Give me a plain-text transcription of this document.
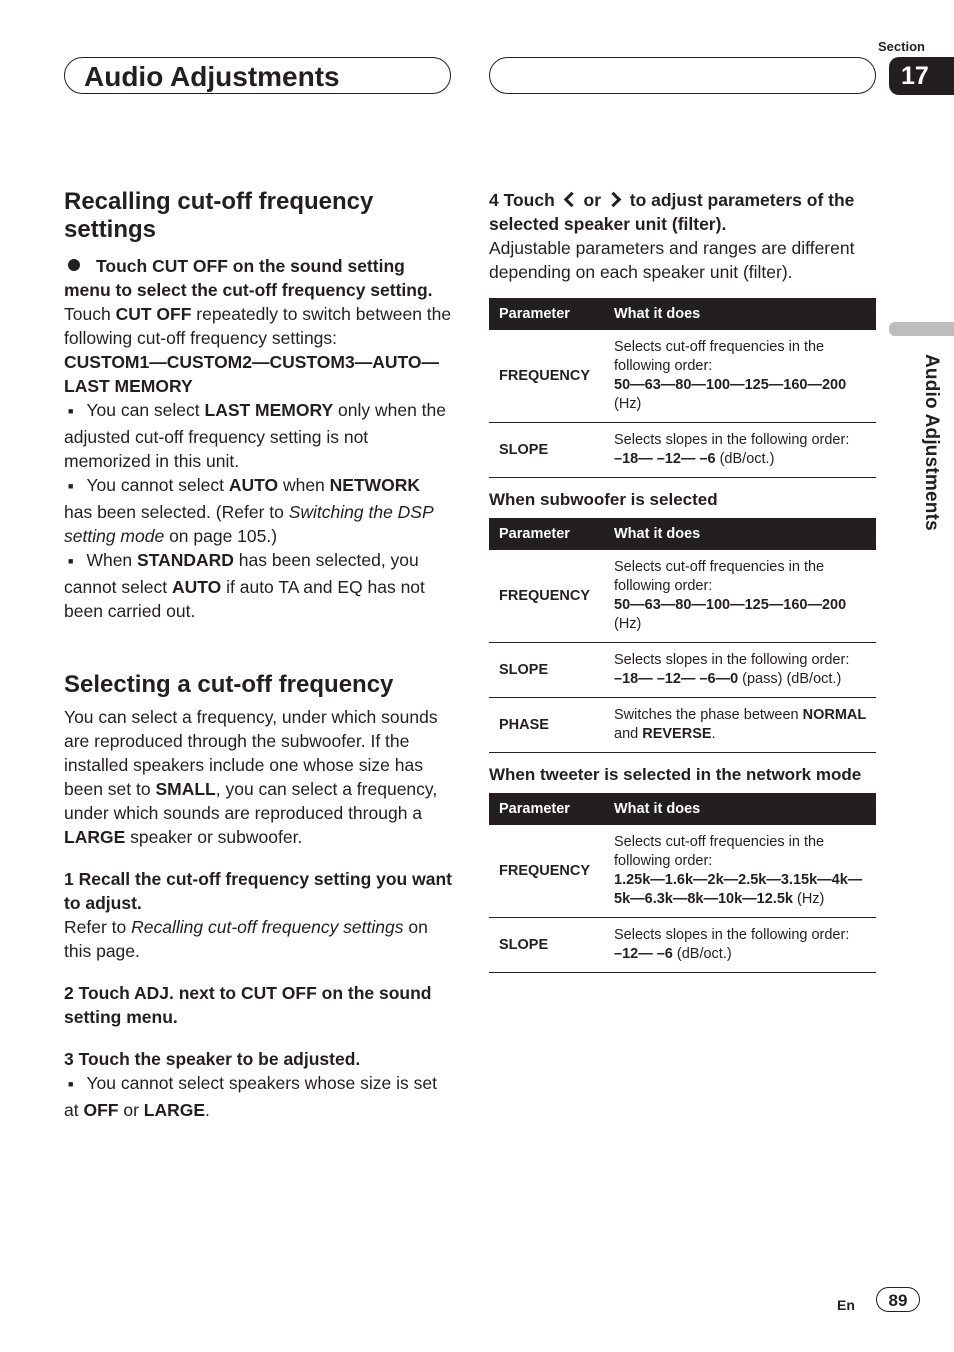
Audio Adjustments
Section
17
Audio Adjustments
Recalling cut-off frequency settings

Touch CUT OFF on the sound setting menu to select the cut-off frequency setting.

Touch CUT OFF repeatedly to switch between the following cut-off frequency settings:

CUSTOM1—CUSTOM2—CUSTOM3—AUTO—LAST MEMORY

■ You can select LAST MEMORY only when the adjusted cut-off frequency setting is not memorized in this unit.

■ You cannot select AUTO when NETWORK has been selected. (Refer to Switching the DSP setting mode on page 105.)

■ When STANDARD has been selected, you cannot select AUTO if auto TA and EQ has not been carried out.

Selecting a cut-off frequency

You can select a frequency, under which sounds are reproduced through the subwoofer. If the installed speakers include one whose size has been set to SMALL, you can select a frequency, under which sounds are reproduced through a LARGE speaker or subwoofer.

1 Recall the cut-off frequency setting you want to adjust.

Refer to Recalling cut-off frequency settings on this page.

2 Touch ADJ. next to CUT OFF on the sound setting menu.

3 Touch the speaker to be adjusted.

■ You cannot select speakers whose size is set at OFF or LARGE.

4 Touch  or  to adjust parameters of the selected speaker unit (filter).

Adjustable parameters and ranges are different depending on each speaker unit (filter).

Parameter	What it does
FREQUENCY	Selects cut-off frequencies in the following order:
50—63—80—100—125—160—200 (Hz)
SLOPE	Selects slopes in the following order:
–18— –12— –6 (dB/oct.)
When subwoofer is selected
Parameter	What it does
FREQUENCY	Selects cut-off frequencies in the following order:
50—63—80—100—125—160—200 (Hz)
SLOPE	Selects slopes in the following order:
–18— –12— –6—0 (pass) (dB/oct.)
PHASE	Switches the phase between NORMAL and REVERSE.
When tweeter is selected in the network mode
Parameter	What it does
FREQUENCY	Selects cut-off frequencies in the following order:
1.25k—1.6k—2k—2.5k—3.15k—4k—5k—6.3k—8k—10k—12.5k (Hz)
SLOPE	Selects slopes in the following order:
–12— –6 (dB/oct.)
En	89
